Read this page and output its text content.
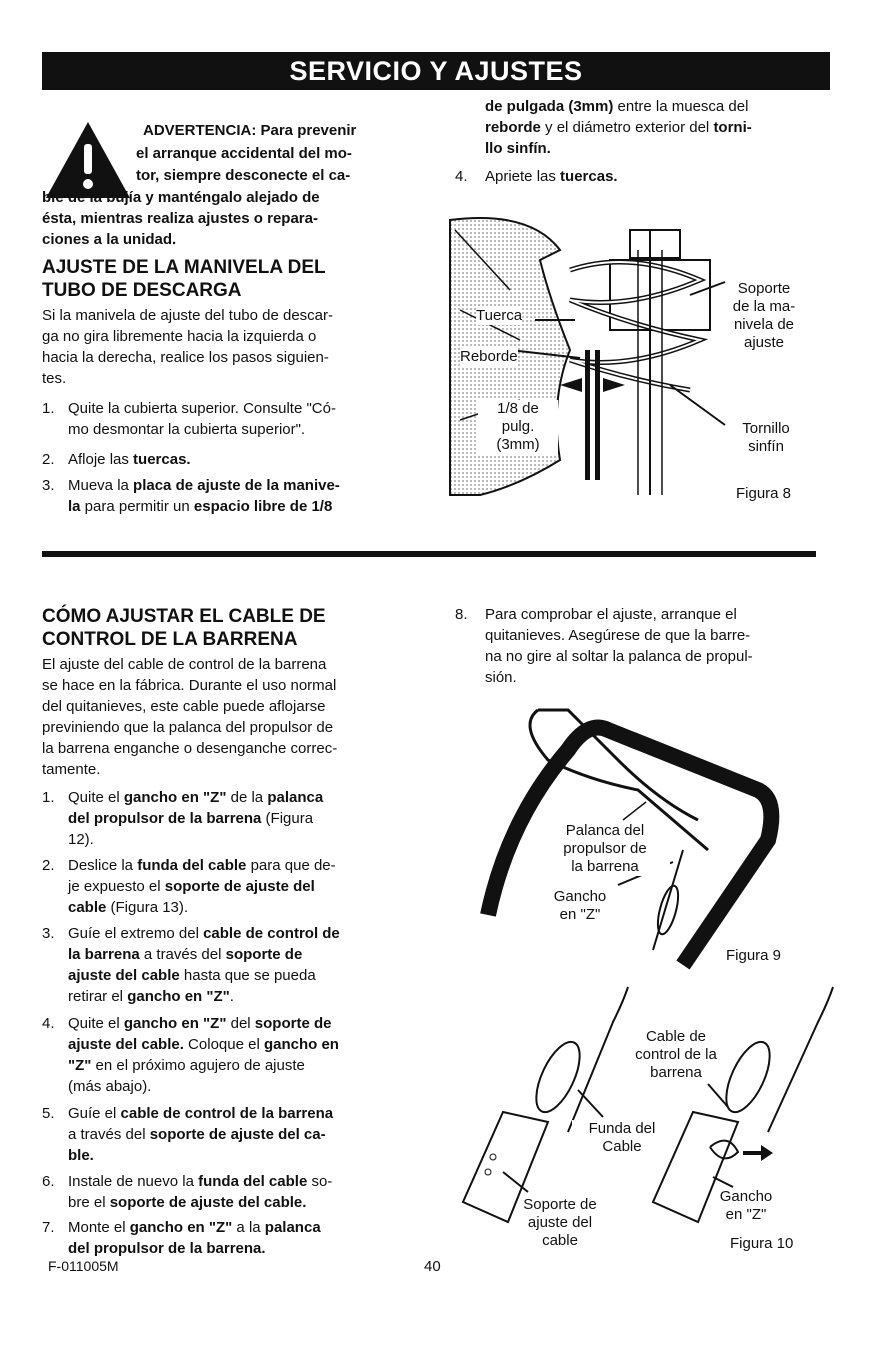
SERVICIO Y AJUSTES
ADVERTENCIA: Para prevenir
el arranque accidental del mo-
tor, siempre desconecte el ca-
ble de la bujía y manténgalo alejado de
ésta, mientras realiza ajustes o repara-
ciones a la unidad.
AJUSTE DE LA MANIVELA DEL
TUBO DE DESCARGA
Si la manivela de ajuste del tubo de descar-
ga no gira libremente hacia la izquierda o
hacia la derecha, realice los pasos siguien-
tes.
1. Quite la cubierta superior. Consulte "Có-
mo desmontar la cubierta superior".
2. Afloje las tuercas.
3. Mueva la placa de ajuste de la manive-
la para permitir un espacio libre de 1/8
de pulgada (3mm) entre la muesca del
reborde y el diámetro exterior del torni-
llo sinfín.
4. Apriete las tuercas.
Tuerca
Reborde
1/8 de
pulg.
(3mm)
Soporte
de la ma-
nivela de
ajuste
Tornillo
sinfín
Figura 8
CÓMO AJUSTAR EL CABLE DE
CONTROL DE LA BARRENA
El ajuste del cable de control de la barrena
se hace en la fábrica. Durante el uso normal
del quitanieves, este cable puede aflojarse
previniendo que la palanca del propulsor de
la barrena enganche o desenganche correc-
tamente.
1. Quite el gancho en "Z" de la palanca
del propulsor de la barrena (Figura
12).
2. Deslice la funda del cable para que de-
je expuesto el soporte de ajuste del
cable (Figura 13).
3. Guíe el extremo del cable de control de
la barrena a través del soporte de
ajuste del cable hasta que se pueda
retirar el gancho en "Z".
4. Quite el gancho en "Z" del soporte de
ajuste del cable. Coloque el gancho en
"Z" en el próximo agujero de ajuste
(más abajo).
5. Guíe el cable de control de la barrena
a través del soporte de ajuste del ca-
ble.
6. Instale de nuevo la funda del cable so-
bre el soporte de ajuste del cable.
7. Monte el gancho en "Z" a la palanca
del propulsor de la barrena.
8. Para comprobar el ajuste, arranque el
quitanieves. Asegúrese de que la barre-
na no gire al soltar la palanca de propul-
sión.
Palanca del
propulsor de
la barrena
Gancho
en "Z"
Figura 9
Cable de
control de la
barrena
Funda del
Cable
Soporte de
ajuste del
cable
Gancho
en "Z"
Figura 10
F-011005M	40
